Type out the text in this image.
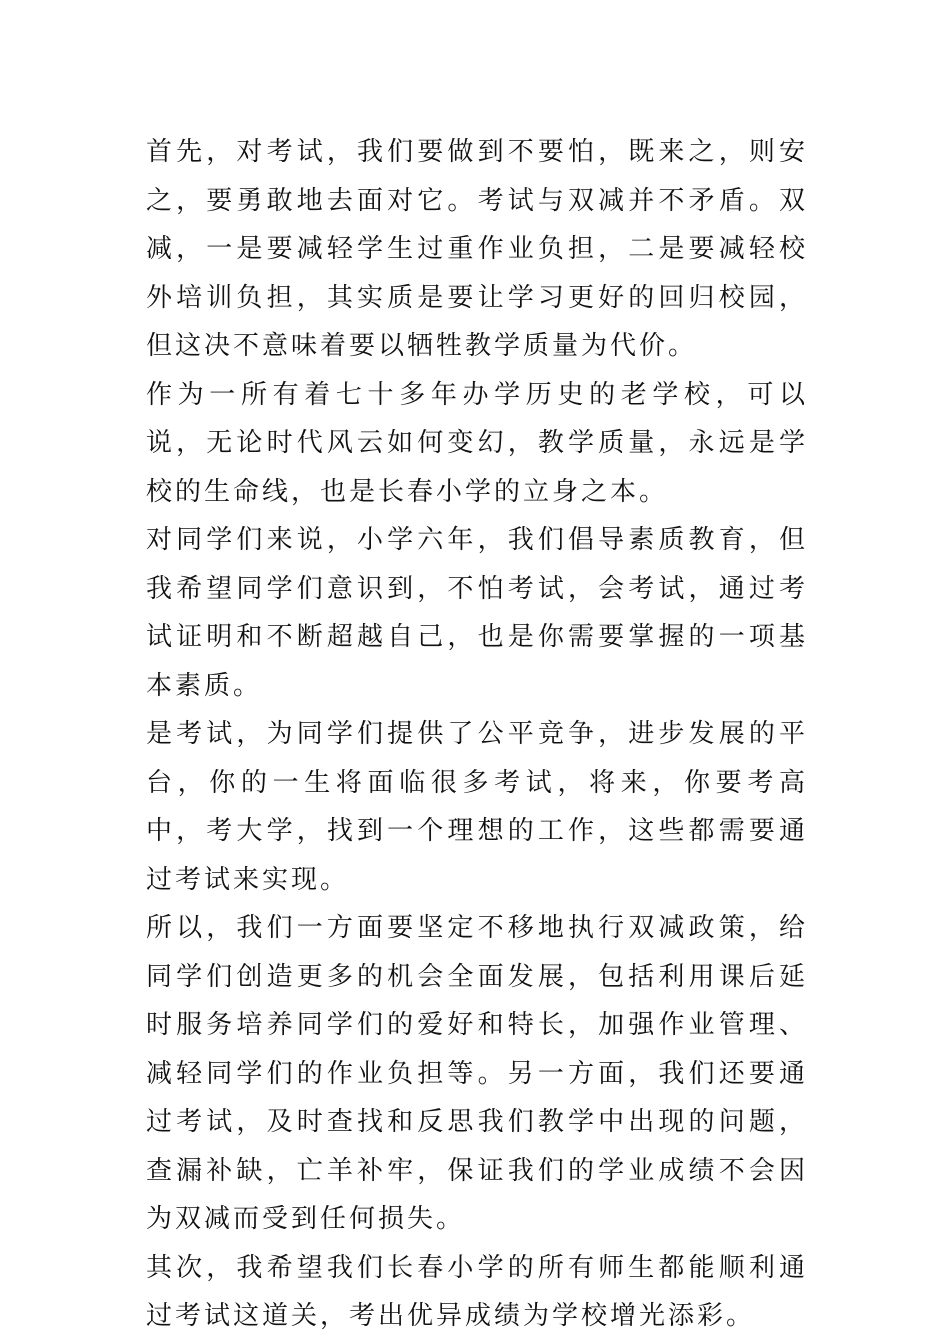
首先，对考试，我们要做到不要怕，既来之，则安之，要勇敢地去面对它。考试与双减并不矛盾。双减，一是要减轻学生过重作业负担，二是要减轻校外培训负担，其实质是要让学习更好的回归校园，但这决不意味着要以牺牲教学质量为代价。

作为一所有着七十多年办学历史的老学校，可以说，无论时代风云如何变幻，教学质量，永远是学校的生命线，也是长春小学的立身之本。

对同学们来说，小学六年，我们倡导素质教育，但我希望同学们意识到，不怕考试，会考试，通过考试证明和不断超越自己，也是你需要掌握的一项基本素质。

是考试，为同学们提供了公平竞争，进步发展的平台，你的一生将面临很多考试，将来，你要考高中，考大学，找到一个理想的工作，这些都需要通过考试来实现。

所以，我们一方面要坚定不移地执行双减政策，给同学们创造更多的机会全面发展，包括利用课后延时服务培养同学们的爱好和特长，加强作业管理、减轻同学们的作业负担等。另一方面，我们还要通过考试，及时查找和反思我们教学中出现的问题，查漏补缺，亡羊补牢，保证我们的学业成绩不会因为双减而受到任何损失。

其次，我希望我们长春小学的所有师生都能顺利通过考试这道关，考出优异成绩为学校增光添彩。
